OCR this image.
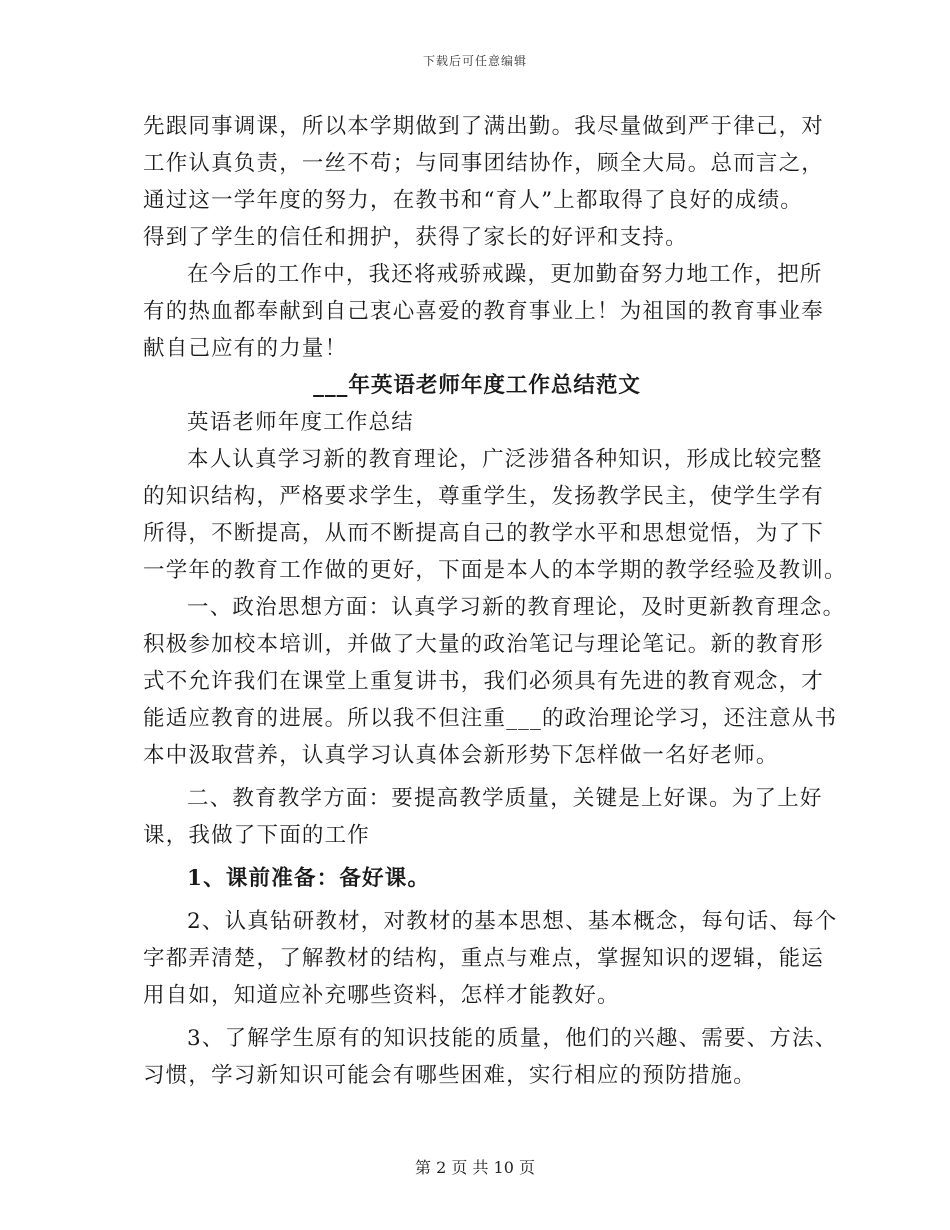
下载后可任意编辑
先跟同事调课，所以本学期做到了满出勤。我尽量做到严于律己，对
工作认真负责，一丝不苟；与同事团结协作，顾全大局。总而言之，
通过这一学年度的努力，在教书和“育人”上都取得了良好的成绩。
得到了学生的信任和拥护，获得了家长的好评和支持。
在今后的工作中，我还将戒骄戒躁，更加勤奋努力地工作，把所
有的热血都奉献到自己衷心喜爱的教育事业上！为祖国的教育事业奉
献自己应有的力量！
___年英语老师年度工作总结范文
英语老师年度工作总结
本人认真学习新的教育理论，广泛涉猎各种知识，形成比较完整
的知识结构，严格要求学生，尊重学生，发扬教学民主，使学生学有
所得，不断提高，从而不断提高自己的教学水平和思想觉悟，为了下
一学年的教育工作做的更好，下面是本人的本学期的教学经验及教训。
一、政治思想方面：认真学习新的教育理论，及时更新教育理念。
积极参加校本培训，并做了大量的政治笔记与理论笔记。新的教育形
式不允许我们在课堂上重复讲书，我们必须具有先进的教育观念，才
能适应教育的进展。所以我不但注重___的政治理论学习，还注意从书
本中汲取营养，认真学习认真体会新形势下怎样做一名好老师。
二、教育教学方面：要提高教学质量，关键是上好课。为了上好
课，我做了下面的工作
1、课前准备：备好课。
2、认真钻研教材，对教材的基本思想、基本概念，每句话、每个
字都弄清楚，了解教材的结构，重点与难点，掌握知识的逻辑，能运
用自如，知道应补充哪些资料，怎样才能教好。
3、了解学生原有的知识技能的质量，他们的兴趣、需要、方法、
习惯，学习新知识可能会有哪些困难，实行相应的预防措施。
第 2 页 共 10 页
